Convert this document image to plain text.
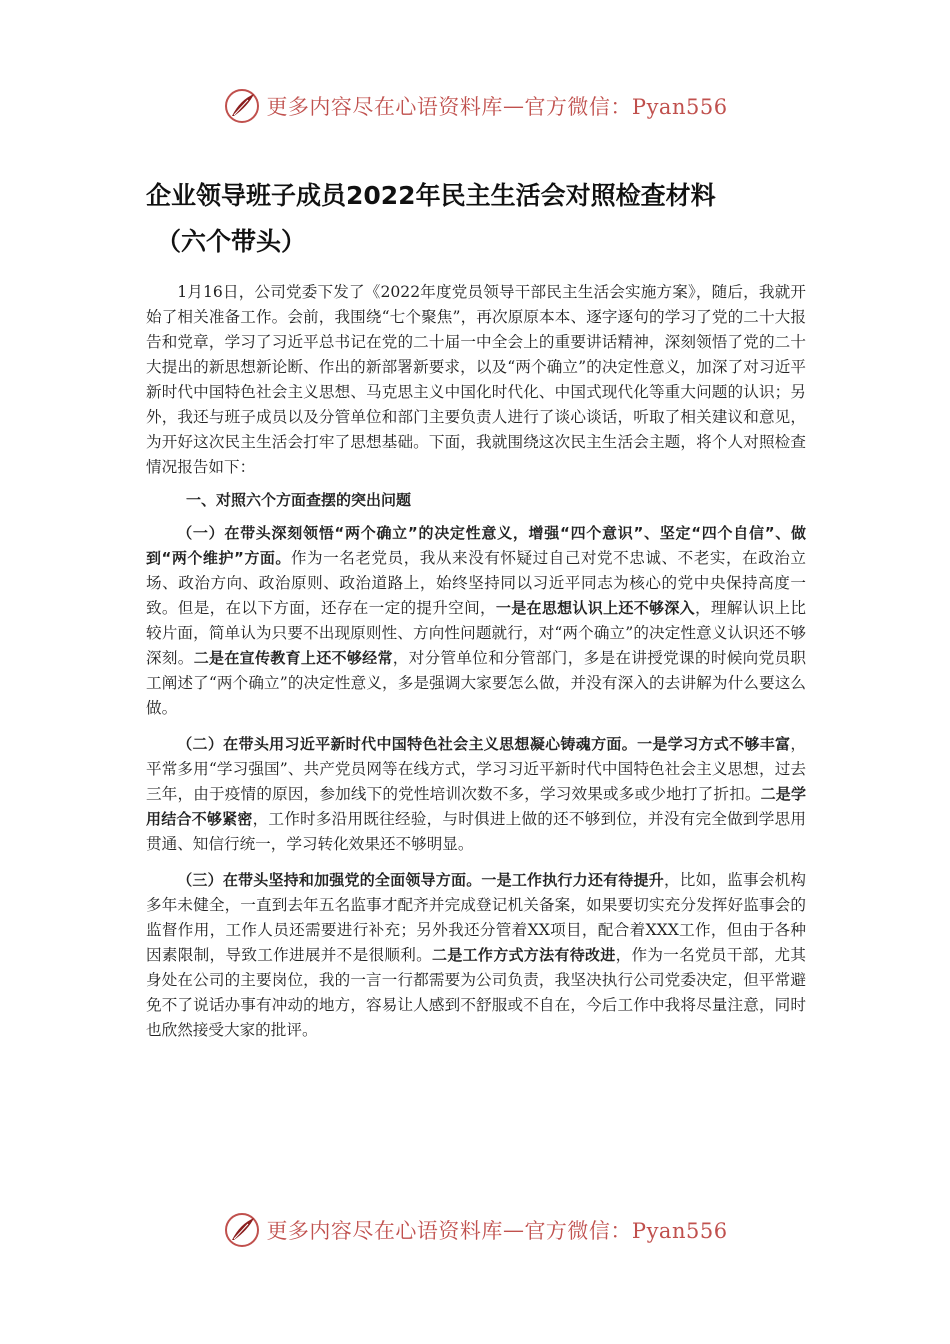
更多内容尽在心语资料库 — 官方微信：Pyan556
企业领导班子成员2022年民主生活会对照检查材料
（六个带头）

1月16日，公司党委下发了《2022年度党员领导干部民主生活会实施方案》，随后，我就开始了相关准备工作。会前，我围绕“七个聚焦”，再次原原本本、逐字逐句的学习了党的二十大报告和党章，学习了习近平总书记在党的二十届一中全会上的重要讲话精神，深刻领悟了党的二十大提出的新思想新论断、作出的新部署新要求，以及“两个确立”的决定性意义，加深了对习近平新时代中国特色社会主义思想、马克思主义中国化时代化、中国式现代化等重大问题的认识；另外，我还与班子成员以及分管单位和部门主要负责人进行了谈心谈话，听取了相关建议和意见，为开好这次民主生活会打牢了思想基础。下面，我就围绕这次民主生活会主题，将个人对照检查情况报告如下：

一、对照六个方面查摆的突出问题

（一）在带头深刻领悟“两个确立”的决定性意义，增强“四个意识”、坚定“四个自信”、做到“两个维护”方面。作为一名老党员，我从来没有怀疑过自己对党不忠诚、不老实，在政治立场、政治方向、政治原则、政治道路上，始终坚持同以习近平同志为核心的党中央保持高度一致。但是，在以下方面，还存在一定的提升空间，一是在思想认识上还不够深入，理解认识上比较片面，简单认为只要不出现原则性、方向性问题就行，对“两个确立”的决定性意义认识还不够深刻。二是在宣传教育上还不够经常，对分管单位和分管部门，多是在讲授党课的时候向党员职工阐述了“两个确立”的决定性意义，多是强调大家要怎么做，并没有深入的去讲解为什么要这么做。

（二）在带头用习近平新时代中国特色社会主义思想凝心铸魂方面。一是学习方式不够丰富，平常多用“学习强国”、共产党员网等在线方式，学习习近平新时代中国特色社会主义思想，过去三年，由于疫情的原因，参加线下的党性培训次数不多，学习效果或多或少地打了折扣。二是学用结合不够紧密，工作时多沿用既往经验，与时俱进上做的还不够到位，并没有完全做到学思用贯通、知信行统一，学习转化效果还不够明显。

（三）在带头坚持和加强党的全面领导方面。一是工作执行力还有待提升，比如，监事会机构多年未健全，一直到去年五名监事才配齐并完成登记机关备案，如果要切实充分发挥好监事会的监督作用，工作人员还需要进行补充；另外我还分管着XX项目，配合着XXX工作，但由于各种因素限制，导致工作进展并不是很顺利。二是工作方式方法有待改进，作为一名党员干部，尤其身处在公司的主要岗位，我的一言一行都需要为公司负责，我坚决执行公司党委决定，但平常避免不了说话办事有冲动的地方，容易让人感到不舒服或不自在，今后工作中我将尽量注意，同时也欣然接受大家的批评。

更多内容尽在心语资料库 — 官方微信：Pyan556
